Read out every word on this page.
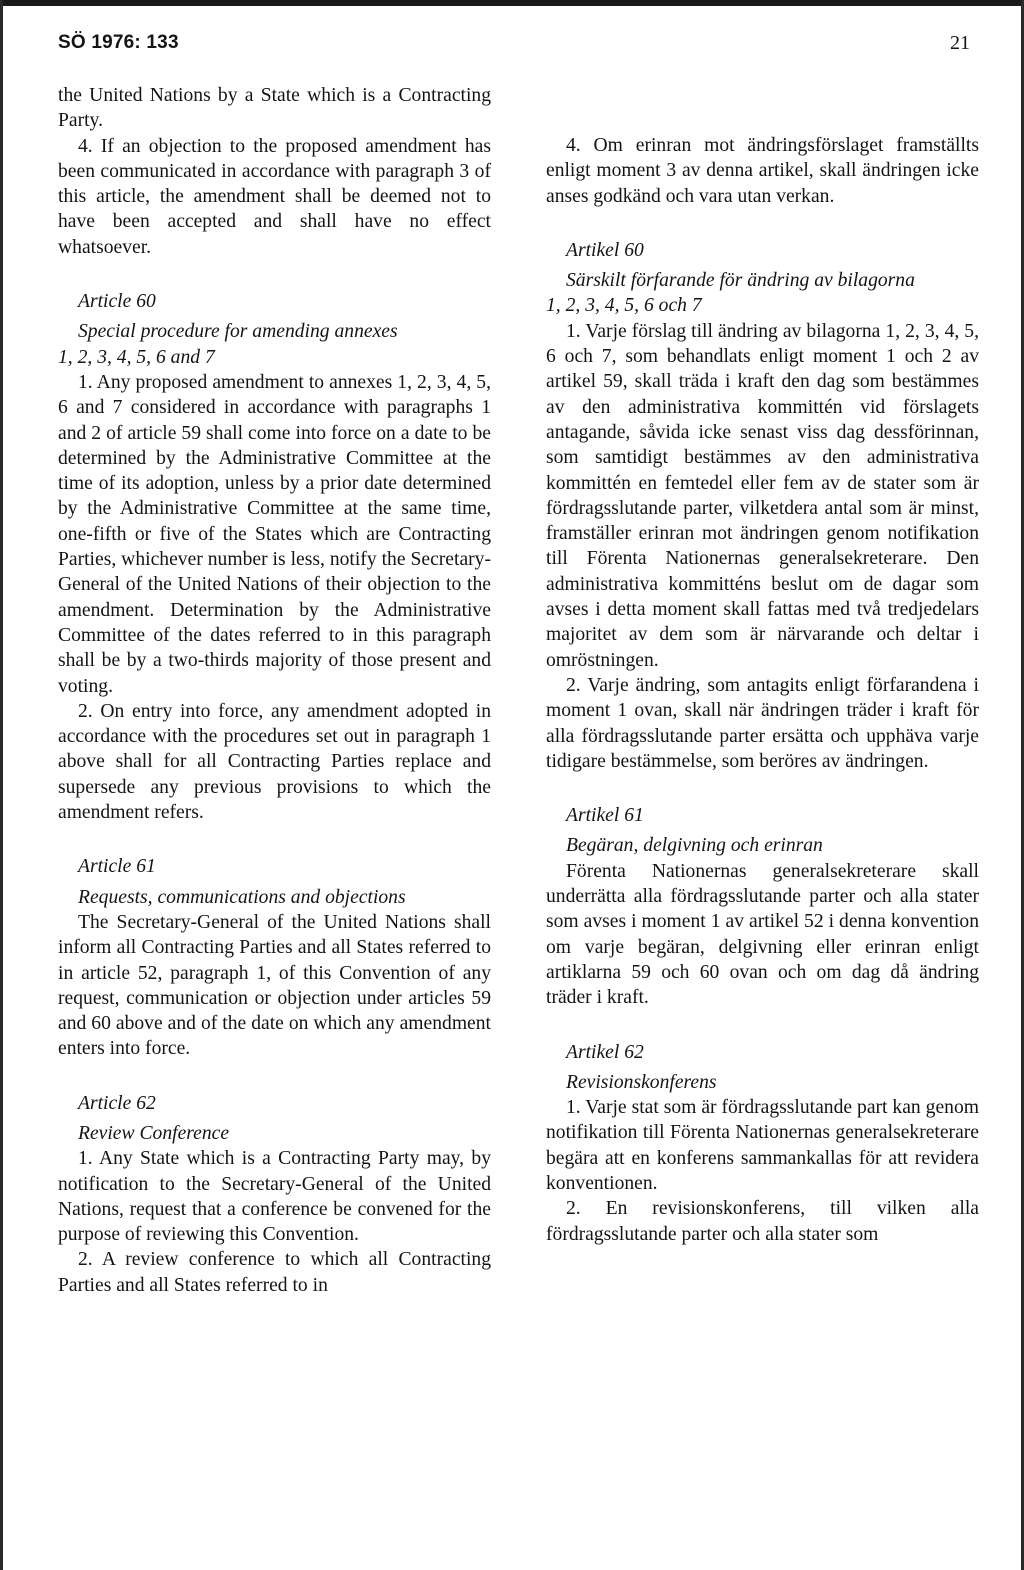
SÖ 1976: 133	21

the United Nations by a State which is a Contracting Party.

4. If an objection to the proposed amendment has been communicated in accordance with paragraph 3 of this article, the amendment shall be deemed not to have been accepted and shall have no effect whatsoever.

Article 60

Special procedure for amending annexes
1, 2, 3, 4, 5, 6 and 7

1. Any proposed amendment to annexes 1, 2, 3, 4, 5, 6 and 7 considered in accordance with paragraphs 1 and 2 of article 59 shall come into force on a date to be determined by the Administrative Committee at the time of its adoption, unless by a prior date determined by the Administrative Committee at the same time, one-fifth or five of the States which are Contracting Parties, whichever number is less, notify the Secretary-General of the United Nations of their objection to the amendment. Determination by the Administrative Committee of the dates referred to in this paragraph shall be by a two-thirds majority of those present and voting.

2. On entry into force, any amendment adopted in accordance with the procedures set out in paragraph 1 above shall for all Contracting Parties replace and supersede any previous provisions to which the amendment refers.

Article 61

Requests, communications and objections

The Secretary-General of the United Nations shall inform all Contracting Parties and all States referred to in article 52, paragraph 1, of this Convention of any request, communication or objection under articles 59 and 60 above and of the date on which any amendment enters into force.

Article 62

Review Conference

1. Any State which is a Contracting Party may, by notification to the Secretary-General of the United Nations, request that a conference be convened for the purpose of reviewing this Convention.

2. A review conference to which all Contracting Parties and all States referred to in

4. Om erinran mot ändringsförslaget framställts enligt moment 3 av denna artikel, skall ändringen icke anses godkänd och vara utan verkan.

Artikel 60

Särskilt förfarande för ändring av bilagorna
1, 2, 3, 4, 5, 6 och 7

1. Varje förslag till ändring av bilagorna 1, 2, 3, 4, 5, 6 och 7, som behandlats enligt moment 1 och 2 av artikel 59, skall träda i kraft den dag som bestämmes av den administrativa kommittén vid förslagets antagande, såvida icke senast viss dag dessförinnan, som samtidigt bestämmes av den administrativa kommittén en femtedel eller fem av de stater som är fördragsslutande parter, vilketdera antal som är minst, framställer erinran mot ändringen genom notifikation till Förenta Nationernas generalsekreterare. Den administrativa kommitténs beslut om de dagar som avses i detta moment skall fattas med två tredjedelars majoritet av dem som är närvarande och deltar i omröstningen.

2. Varje ändring, som antagits enligt förfarandena i moment 1 ovan, skall när ändringen träder i kraft för alla fördragsslutande parter ersätta och upphäva varje tidigare bestämmelse, som beröres av ändringen.

Artikel 61

Begäran, delgivning och erinran

Förenta Nationernas generalsekreterare skall underrätta alla fördragsslutande parter och alla stater som avses i moment 1 av artikel 52 i denna konvention om varje begäran, delgivning eller erinran enligt artiklarna 59 och 60 ovan och om dag då ändring träder i kraft.

Artikel 62

Revisionskonferens

1. Varje stat som är fördragsslutande part kan genom notifikation till Förenta Nationernas generalsekreterare begära att en konferens sammankallas för att revidera konventionen.

2. En revisionskonferens, till vilken alla fördragsslutande parter och alla stater som
